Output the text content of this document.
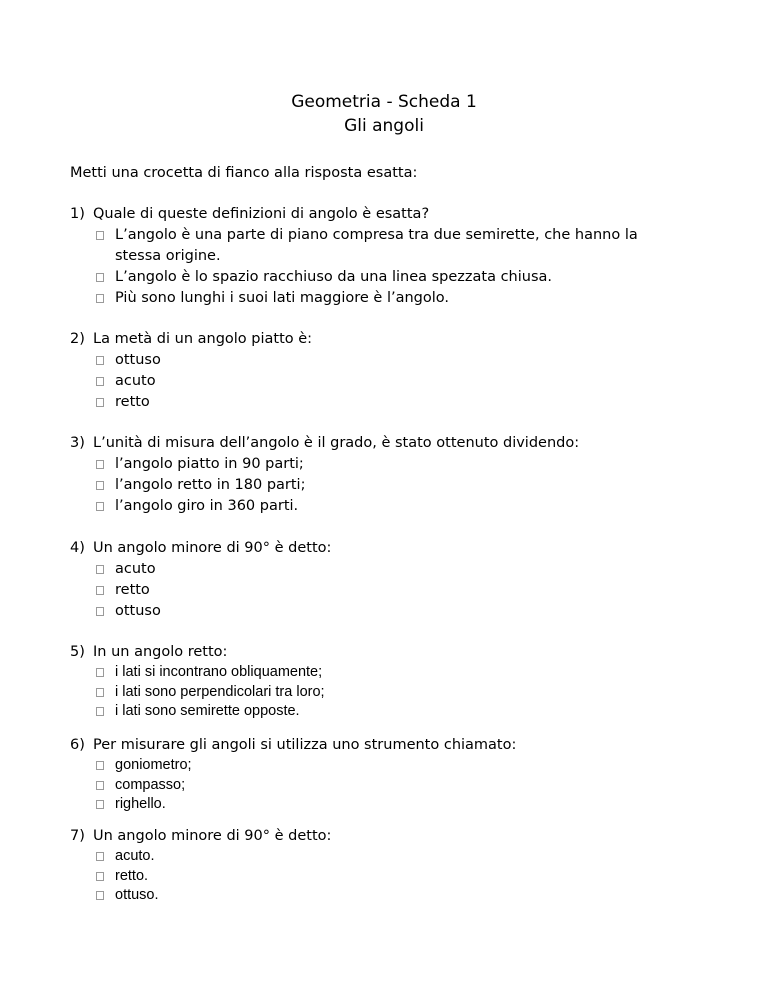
Geometria - Scheda 1
Gli angoli
Metti una crocetta di fianco alla risposta esatta:
1) Quale di queste definizioni di angolo è esatta?
L’angolo è una parte di piano compresa tra due semirette, che hanno la stessa origine.
L’angolo è lo spazio racchiuso da una linea spezzata chiusa.
Più sono lunghi i suoi lati maggiore è l’angolo.
2) La metà di un angolo piatto è:
ottuso
acuto
retto
3) L’unità di misura dell’angolo è il grado, è stato ottenuto dividendo:
l’angolo piatto in 90 parti;
l’angolo retto in 180 parti;
l’angolo giro in 360 parti.
4) Un angolo minore di 90° è detto:
acuto
retto
ottuso
5) In un angolo retto:
i lati si incontrano obliquamente;
i lati sono perpendicolari tra loro;
i lati sono semirette opposte.
6) Per misurare gli angoli si utilizza uno strumento chiamato:
goniometro;
compasso;
righello.
7) Un angolo minore di 90° è detto:
acuto.
retto.
ottuso.
